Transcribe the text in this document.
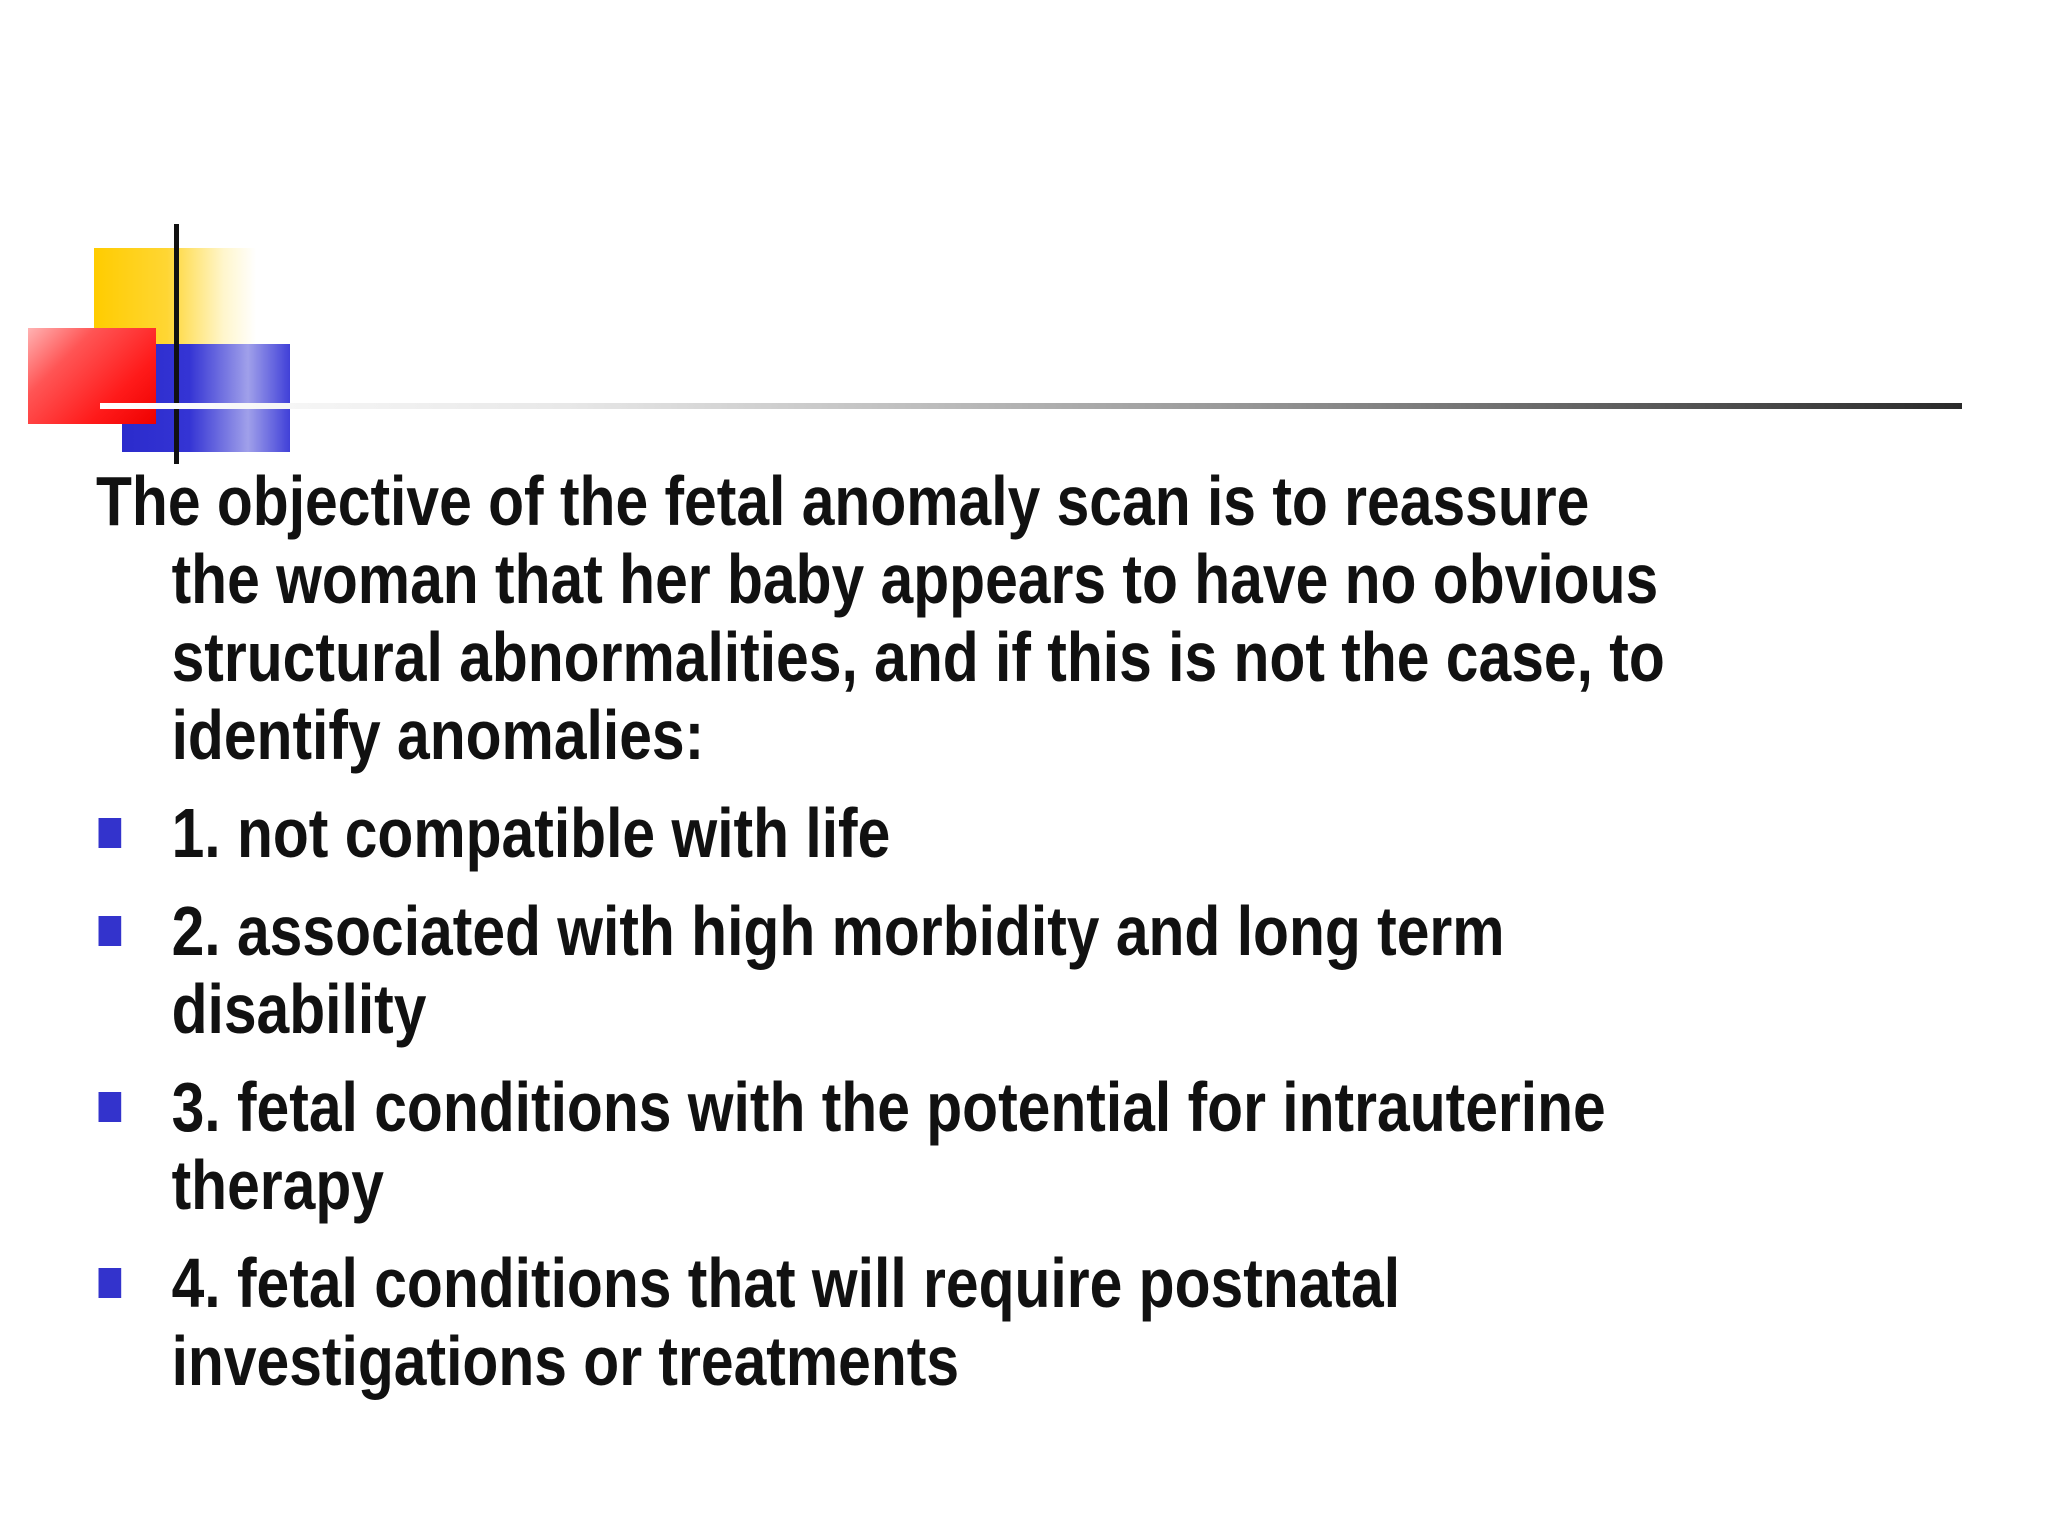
The objective of the fetal anomaly scan is to reassure the woman that her baby appears to have no obvious structural abnormalities, and if this is not the case, to identify anomalies:

1. not compatible with life
2. associated with high morbidity and long term disability
3. fetal conditions with the potential for intrauterine therapy
4. fetal conditions that will require postnatal investigations or treatments
